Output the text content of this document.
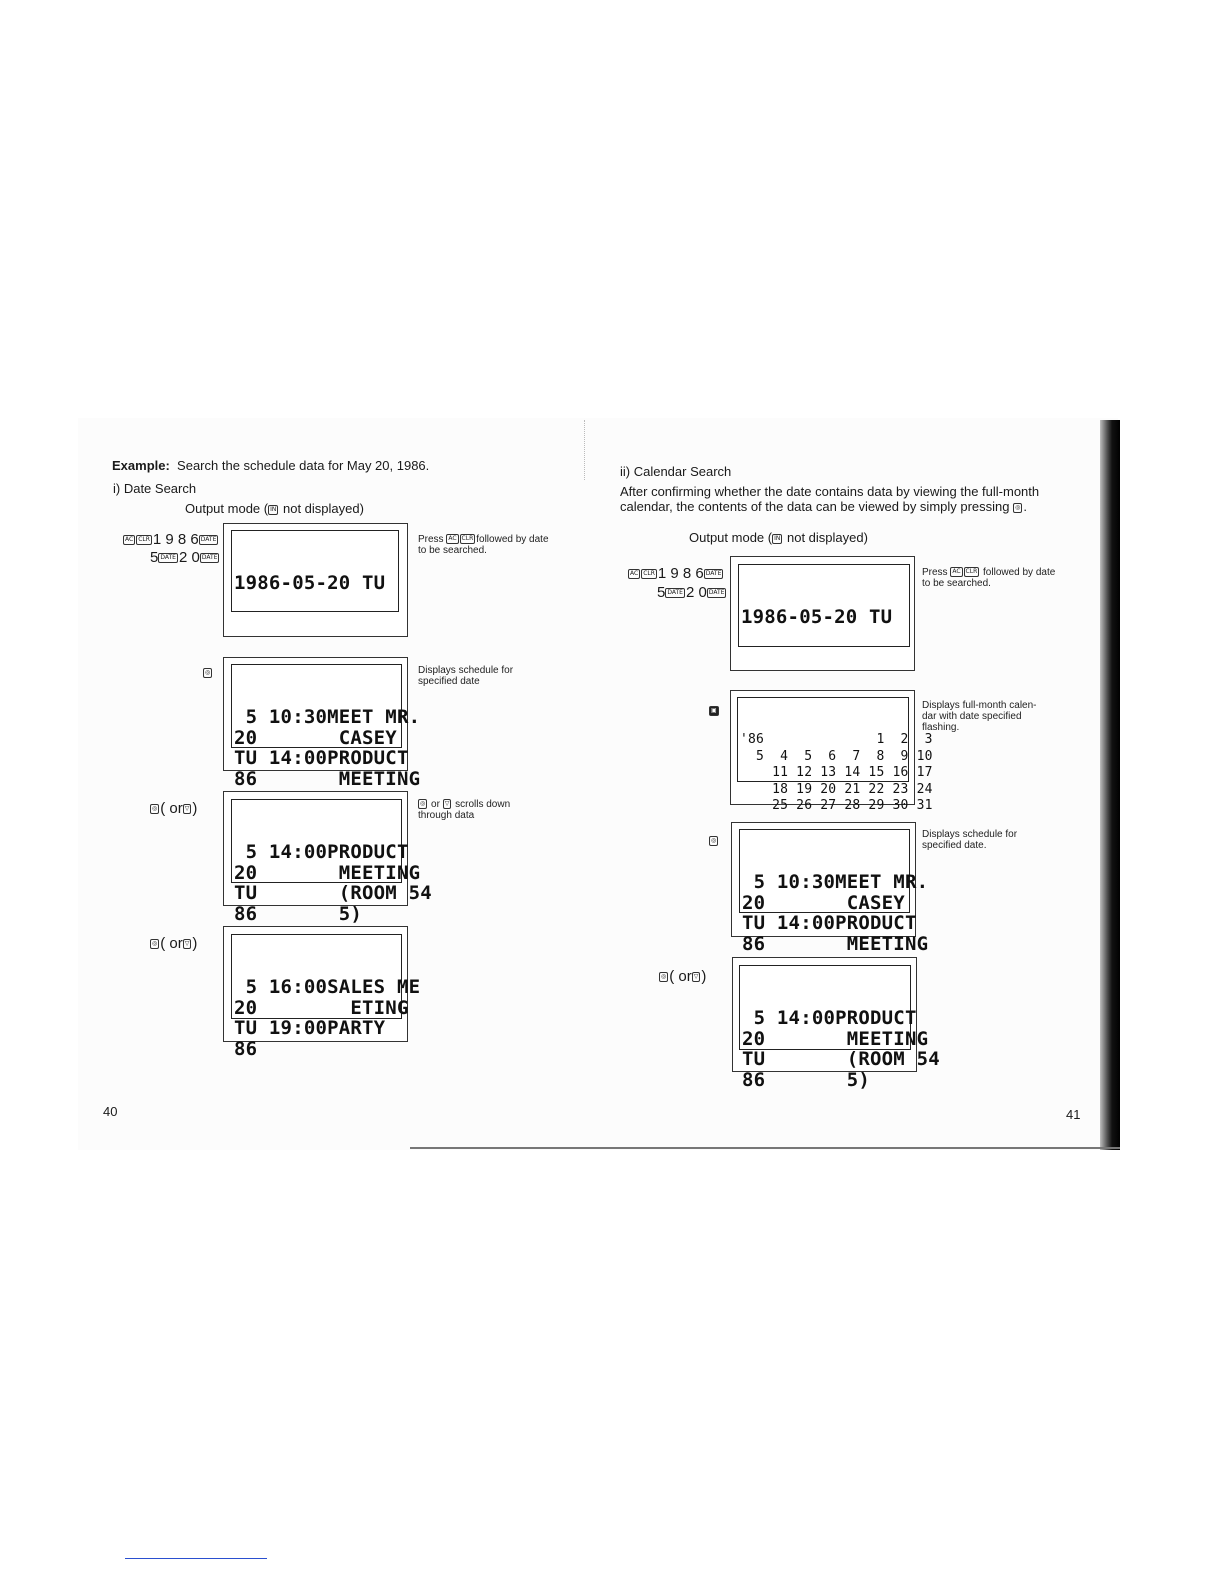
Example: Search the schedule data for May 20, 1986.
i) Date Search
Output mode ( IN not displayed)
AC CLR 1 9 8 6 DATE
5 DATE 2 0 DATE

1986-05-20 TU

Press AC CLR followed by date
to be searched.
◎

5 10:30MEET MR.
20       CASEY
TU 14:00PRODUCT
86       MEETING

Displays schedule for
specified date
◎ ( or ▽ )

5 14:00PRODUCT
20       MEETING
TU       (ROOM 54
86       5)

◎ or ▽ scrolls down
through data
◎ ( or ▽ )

5 16:00SALES ME
20        ETING
TU 19:00PARTY
86

40
ii) Calendar Search
After confirming whether the date contains data by viewing the full-month
calendar, the contents of the data can be viewed by simply pressing ◎ .
Output mode ( IN not displayed)
AC CLR 1 9 8 6 DATE
5 DATE 2 0 DATE

1986-05-20 TU

Press AC CLR followed by date
to be searched.
▣

'86              1  2  3
5  4  5  6  7  8  9 10
11 12 13 14 15 16 17
18 19 20 21 22 23 24
25 26 27 28 29 30 31

Displays full-month calen-
dar with date specified
flashing.
◎

5 10:30MEET MR.
20       CASEY
TU 14:00PRODUCT
86       MEETING

Displays schedule for
specified date.
◎ ( or ▽ )

5 14:00PRODUCT
20       MEETING
TU       (ROOM 54
86       5)

41
